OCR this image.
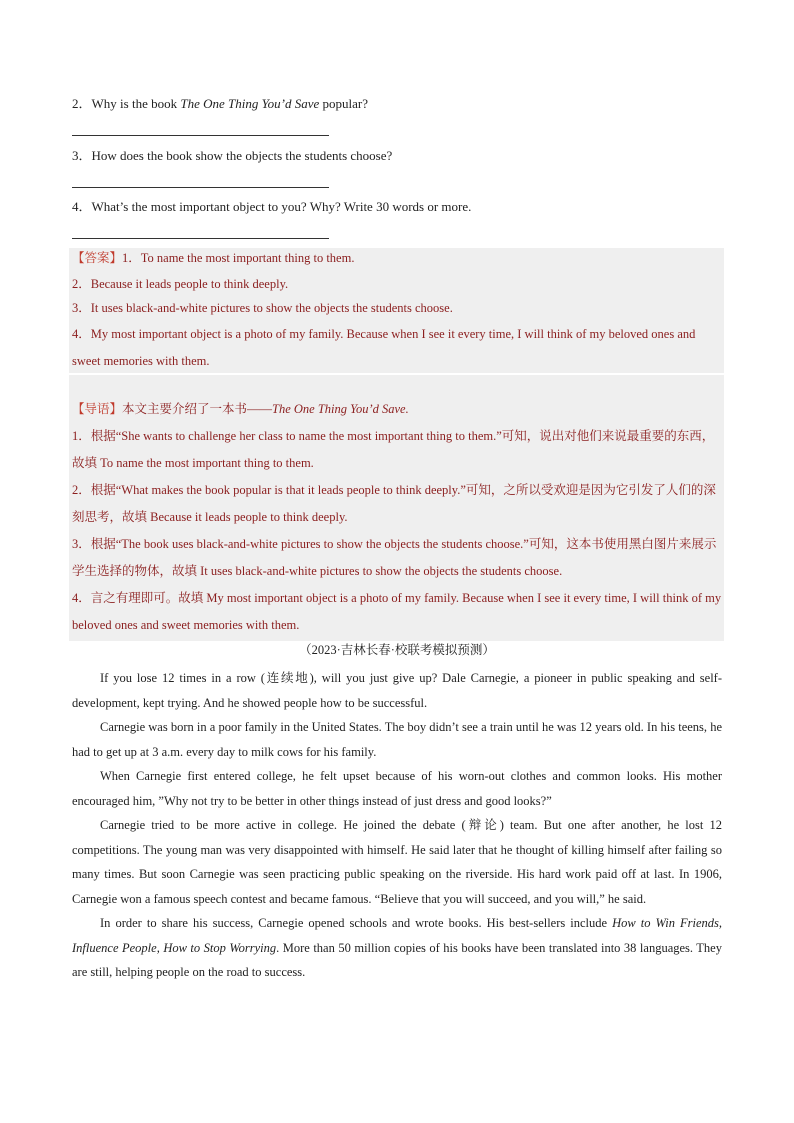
2．Why is the book The One Thing You’d Save popular?
3．How does the book show the objects the students choose?
4．What’s the most important object to you? Why? Write 30 words or more.

【答案】1．To name the most important thing to them.

2．Because it leads people to think deeply.

3．It uses black-and-white pictures to show the objects the students choose.

4．My most important object is a photo of my family. Because when I see it every time, I will think of my beloved ones and sweet memories with them.

【导语】本文主要介绍了一本书——The One Thing You’d Save.

1．根据“She wants to challenge her class to name the most important thing to them.”可知，说出对他们来说最重要的东西，故填 To name the most important thing to them.

2．根据“What makes the book popular is that it leads people to think deeply.”可知，之所以受欢迎是因为它引发了人们的深刻思考，故填 Because it leads people to think deeply.

3．根据“The book uses black-and-white pictures to show the objects the students choose.”可知，这本书使用黑白图片来展示学生选择的物体，故填 It uses black-and-white pictures to show the objects the students choose.

4．言之有理即可。故填 My most important object is a photo of my family. Because when I see it every time, I will think of my beloved ones and sweet memories with them.

（2023·吉林长春·校联考模拟预测）

If you lose 12 times in a row (连续地), will you just give up? Dale Carnegie, a pioneer in public speaking and self-development, kept trying. And he showed people how to be successful.

Carnegie was born in a poor family in the United States. The boy didn’t see a train until he was 12 years old. In his teens, he had to get up at 3 a.m. every day to milk cows for his family.

When Carnegie first entered college, he felt upset because of his worn-out clothes and common looks. His mother encouraged him, ”Why not try to be better in other things instead of just dress and good looks?”

Carnegie tried to be more active in college. He joined the debate (辩论) team. But one after another, he lost 12 competitions. The young man was very disappointed with himself. He said later that he thought of killing himself after failing so many times. But soon Carnegie was seen practicing public speaking on the riverside. His hard work paid off at last. In 1906, Carnegie won a famous speech contest and became famous. “Believe that you will succeed, and you will,” he said.

In order to share his success, Carnegie opened schools and wrote books. His best-sellers include How to Win Friends, Influence People, How to Stop Worrying. More than 50 million copies of his books have been translated into 38 languages. They are still, helping people on the road to success.
